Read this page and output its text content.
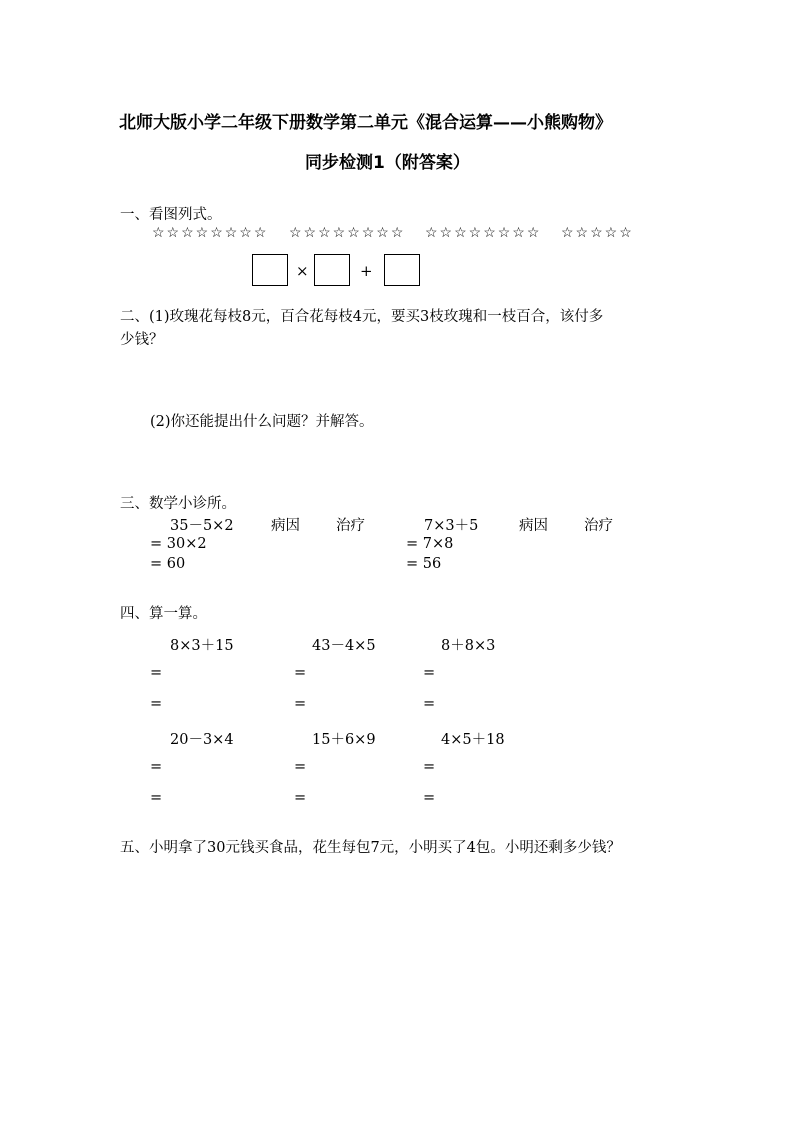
北师大版小学二年级下册数学第二单元《混合运算——小熊购物》
同步检测1（附答案）
一、看图列式。
☆☆☆☆☆☆☆☆ ☆☆☆☆☆☆☆☆ ☆☆☆☆☆☆☆☆ ☆☆☆☆☆
×	+
二、(1)玫瑰花每枝8元，百合花每枝4元，要买3枝玫瑰和一枝百合，该付多
少钱？
(2)你还能提出什么问题？并解答。
三、数学小诊所。
35－5×2	病因 治疗
= 30×2
= 60
7×3＋5	病因 治疗
= 7×8
= 56
四、算一算。
8×3＋15	43－4×5	8＋8×3
=	=	=
=	=	=
20－3×4	15＋6×9	4×5＋18
=	=	=
=	=	=
五、小明拿了30元钱买食品，花生每包7元，小明买了4包。小明还剩多少钱？
